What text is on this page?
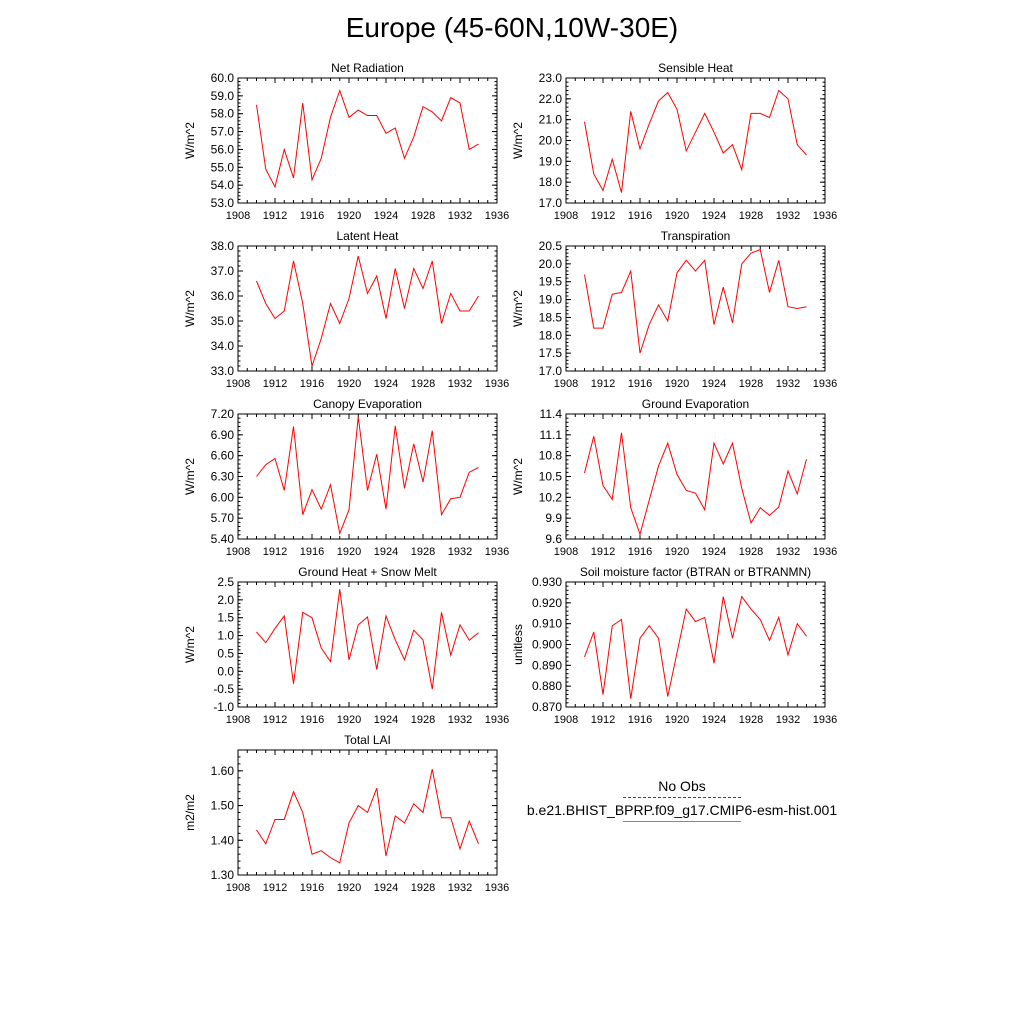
Europe (45-60N,10W-30E)
Net Radiation
W/m^2
1908 1912 1916 1920 1924 1928 1932 1936
53.0
54.0
55.0
56.0
57.0
58.0
59.0
60.0
Sensible Heat
W/m^2
1908 1912 1916 1920 1924 1928 1932 1936
17.0
18.0
19.0
20.0
21.0
22.0
23.0
Latent Heat
W/m^2
1908 1912 1916 1920 1924 1928 1932 1936
33.0
34.0
35.0
36.0
37.0
38.0
Transpiration
W/m^2
1908 1912 1916 1920 1924 1928 1932 1936
17.0
17.5
18.0
18.5
19.0
19.5
20.0
20.5
Canopy Evaporation
W/m^2
1908 1912 1916 1920 1924 1928 1932 1936
5.40
5.70
6.00
6.30
6.60
6.90
7.20
Ground Evaporation
W/m^2
1908 1912 1916 1920 1924 1928 1932 1936
9.6
9.9
10.2
10.5
10.8
11.1
11.4
Ground Heat + Snow Melt
W/m^2
1908 1912 1916 1920 1924 1928 1932 1936
-1.0
-0.5
0.0
0.5
1.0
1.5
2.0
2.5
Soil moisture factor (BTRAN or BTRANMN)
unitless
1908 1912 1916 1920 1924 1928 1932 1936
0.870
0.880
0.890
0.900
0.910
0.920
0.930
Total LAI
m2/m2
1908 1912 1916 1920 1924 1928 1932 1936
1.30
1.40
1.50
1.60
No Obs
b.e21.BHIST_BPRP.f09_g17.CMIP6-esm-hist.001
